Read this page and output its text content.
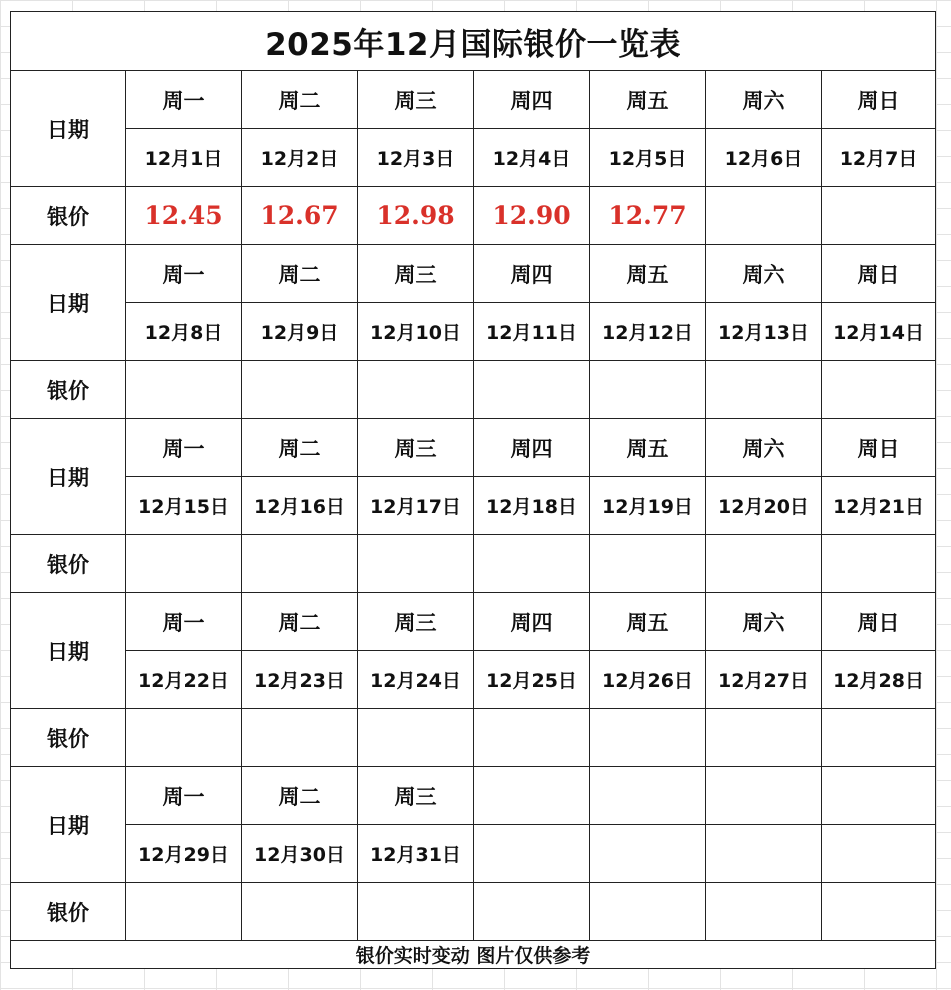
2025年12月国际银价一览表							
日期	周一	周二	周三	周四	周五	周六	周日
	12月1日	12月2日	12月3日	12月4日	12月5日	12月6日	12月7日
银价	12.45	12.67	12.98	12.90	12.77		
日期	周一	周二	周三	周四	周五	周六	周日
	12月8日	12月9日	12月10日	12月11日	12月12日	12月13日	12月14日
银价							
日期	周一	周二	周三	周四	周五	周六	周日
	12月15日	12月16日	12月17日	12月18日	12月19日	12月20日	12月21日
银价							
日期	周一	周二	周三	周四	周五	周六	周日
	12月22日	12月23日	12月24日	12月25日	12月26日	12月27日	12月28日
银价							
日期	周一	周二	周三				
	12月29日	12月30日	12月31日				
银价							
银价实时变动 图片仅供参考							
